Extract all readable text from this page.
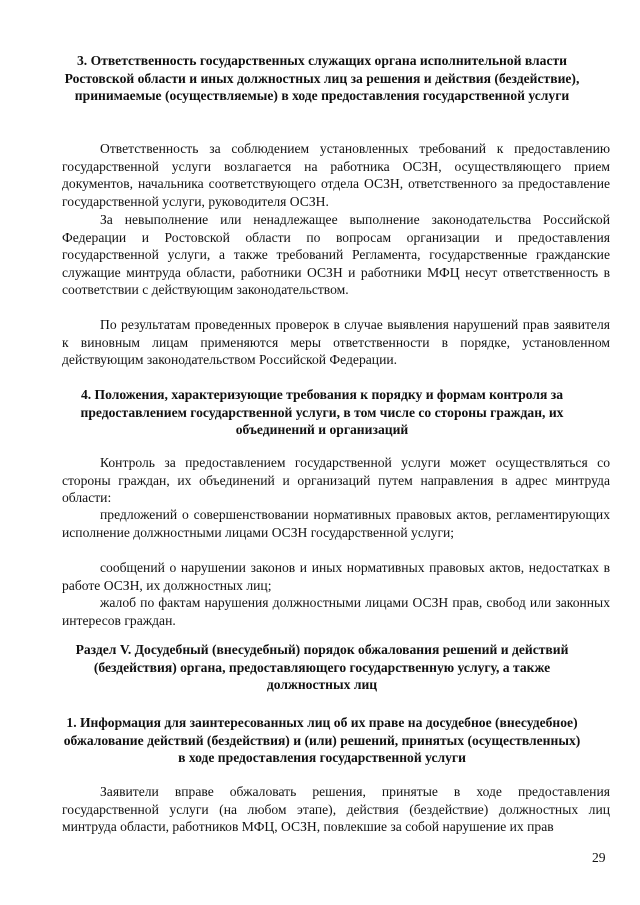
3. Ответственность государственных служащих органа исполнительной власти Ростовской области и иных должностных лиц за решения и действия (бездействие), принимаемые (осуществляемые) в ходе предоставления государственной услуги

Ответственность за соблюдением установленных требований к предоставлению государственной услуги возлагается на работника ОСЗН, осуществляющего прием документов, начальника соответствующего отдела ОСЗН, ответственного за предоставление государственной услуги, руководителя ОСЗН.

За невыполнение или ненадлежащее выполнение законодательства Российской Федерации и Ростовской области по вопросам организации и предоставления государственной услуги, а также требований Регламента, государственные гражданские служащие минтруда области, работники ОСЗН и работники МФЦ несут ответственность в соответствии с действующим законодательством.

По результатам проведенных проверок в случае выявления нарушений прав заявителя к виновным лицам применяются меры ответственности в порядке, установленном действующим законодательством Российской Федерации.

4. Положения, характеризующие требования к порядку и формам контроля за предоставлением государственной услуги, в том числе со стороны граждан, их объединений и организаций

Контроль за предоставлением государственной услуги может осуществляться со стороны граждан, их объединений и организаций путем направления в адрес минтруда области:

предложений о совершенствовании нормативных правовых актов, регламентирующих исполнение должностными лицами ОСЗН государственной услуги;

сообщений о нарушении законов и иных нормативных правовых актов, недостатках в работе ОСЗН, их должностных лиц;

жалоб по фактам нарушения должностными лицами ОСЗН прав, свобод или законных интересов граждан.

Раздел V. Досудебный (внесудебный) порядок обжалования решений и действий (бездействия) органа, предоставляющего государственную услугу, а также должностных лиц

1. Информация для заинтересованных лиц об их праве на досудебное (внесудебное) обжалование действий (бездействия) и (или) решений, принятых (осуществленных) в ходе предоставления государственной услуги

Заявители вправе обжаловать решения, принятые в ходе предоставления государственной услуги (на любом этапе), действия (бездействие) должностных лиц минтруда области, работников МФЦ, ОСЗН, повлекшие за собой нарушение их прав

29
